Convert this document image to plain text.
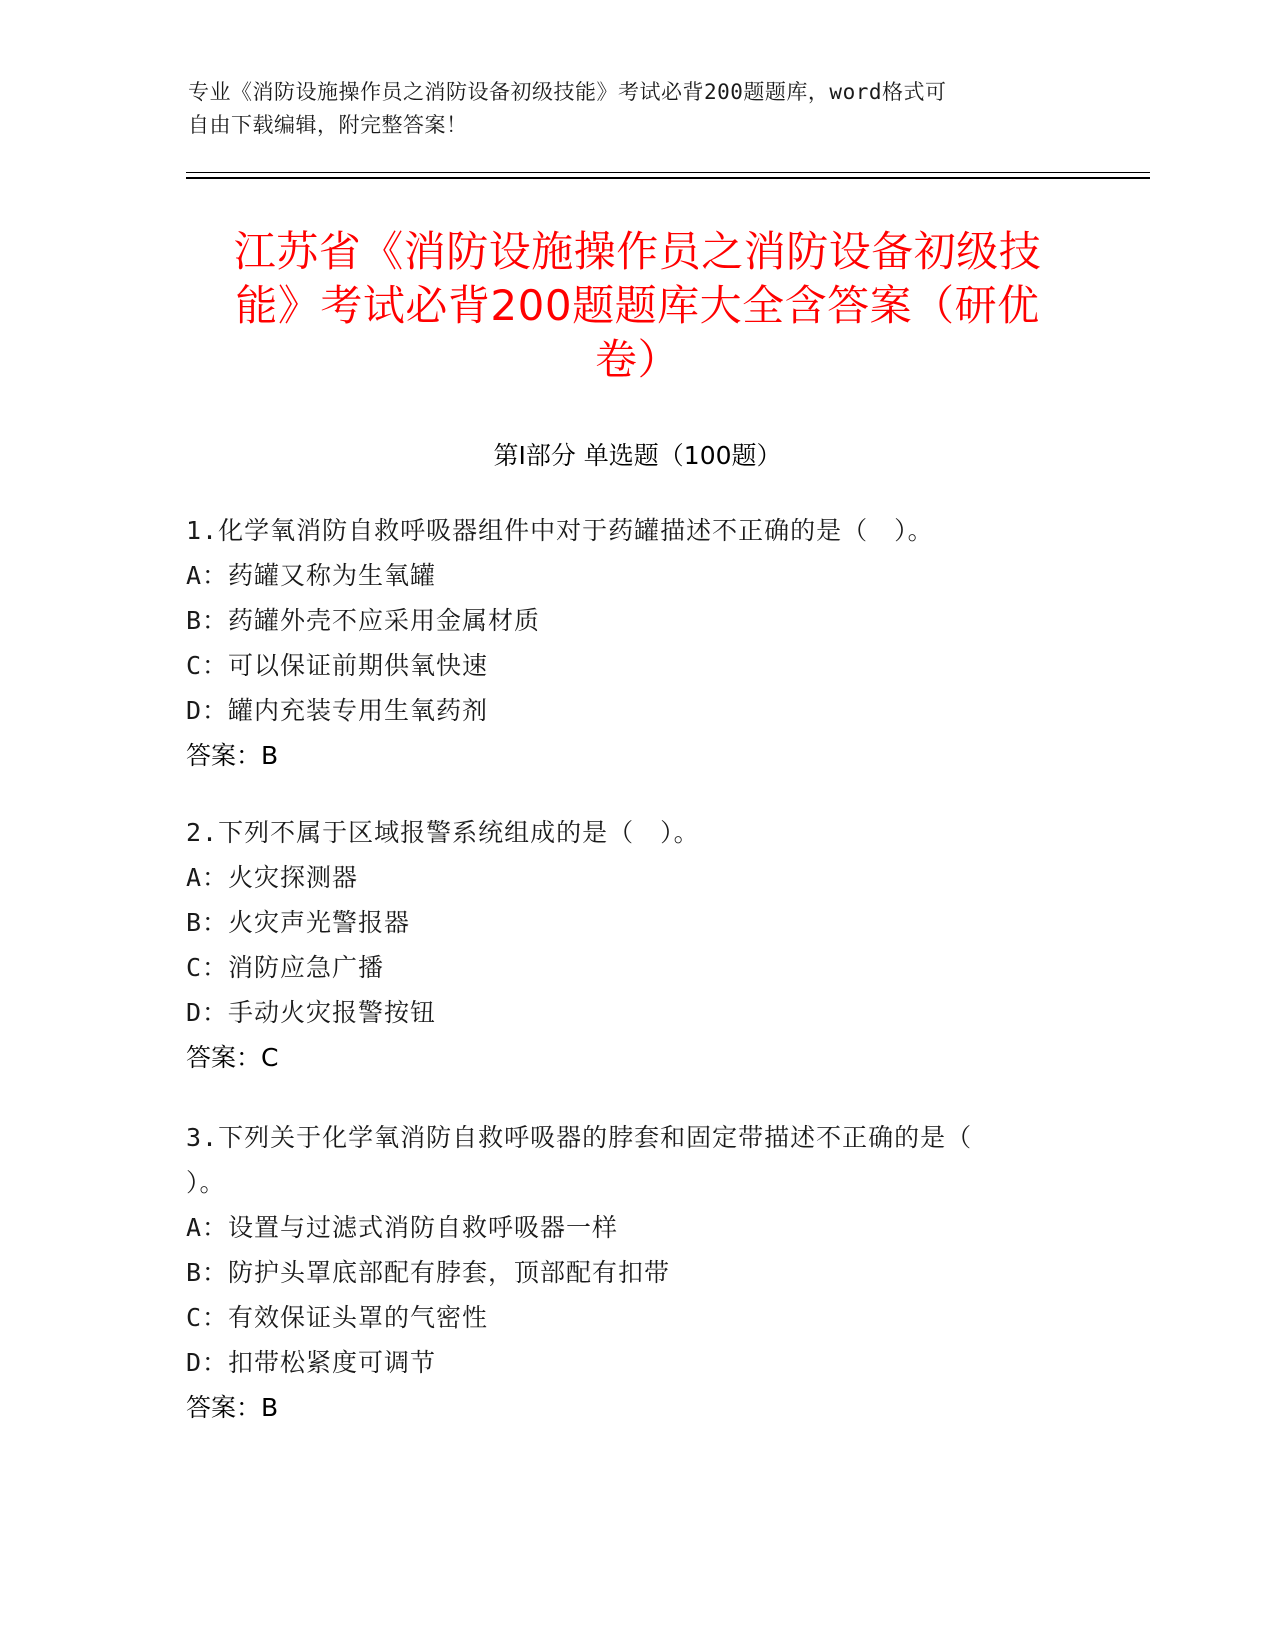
专业《消防设施操作员之消防设备初级技能》考试必背200题题库，word格式可
自由下载编辑，附完整答案！
江苏省《消防设施操作员之消防设备初级技
能》考试必背200题题库大全含答案（研优
卷）
第Ⅰ部分 单选题（100题）

1.化学氧消防自救呼吸器组件中对于药罐描述不正确的是（　）。

A：药罐又称为生氧罐

B：药罐外壳不应采用金属材质

C：可以保证前期供氧快速

D：罐内充装专用生氧药剂

答案：B

2.下列不属于区域报警系统组成的是（　）。

A：火灾探测器

B：火灾声光警报器

C：消防应急广播

D：手动火灾报警按钮

答案：C

3.下列关于化学氧消防自救呼吸器的脖套和固定带描述不正确的是（

）。

A：设置与过滤式消防自救呼吸器一样

B：防护头罩底部配有脖套，顶部配有扣带

C：有效保证头罩的气密性

D：扣带松紧度可调节

答案：B
